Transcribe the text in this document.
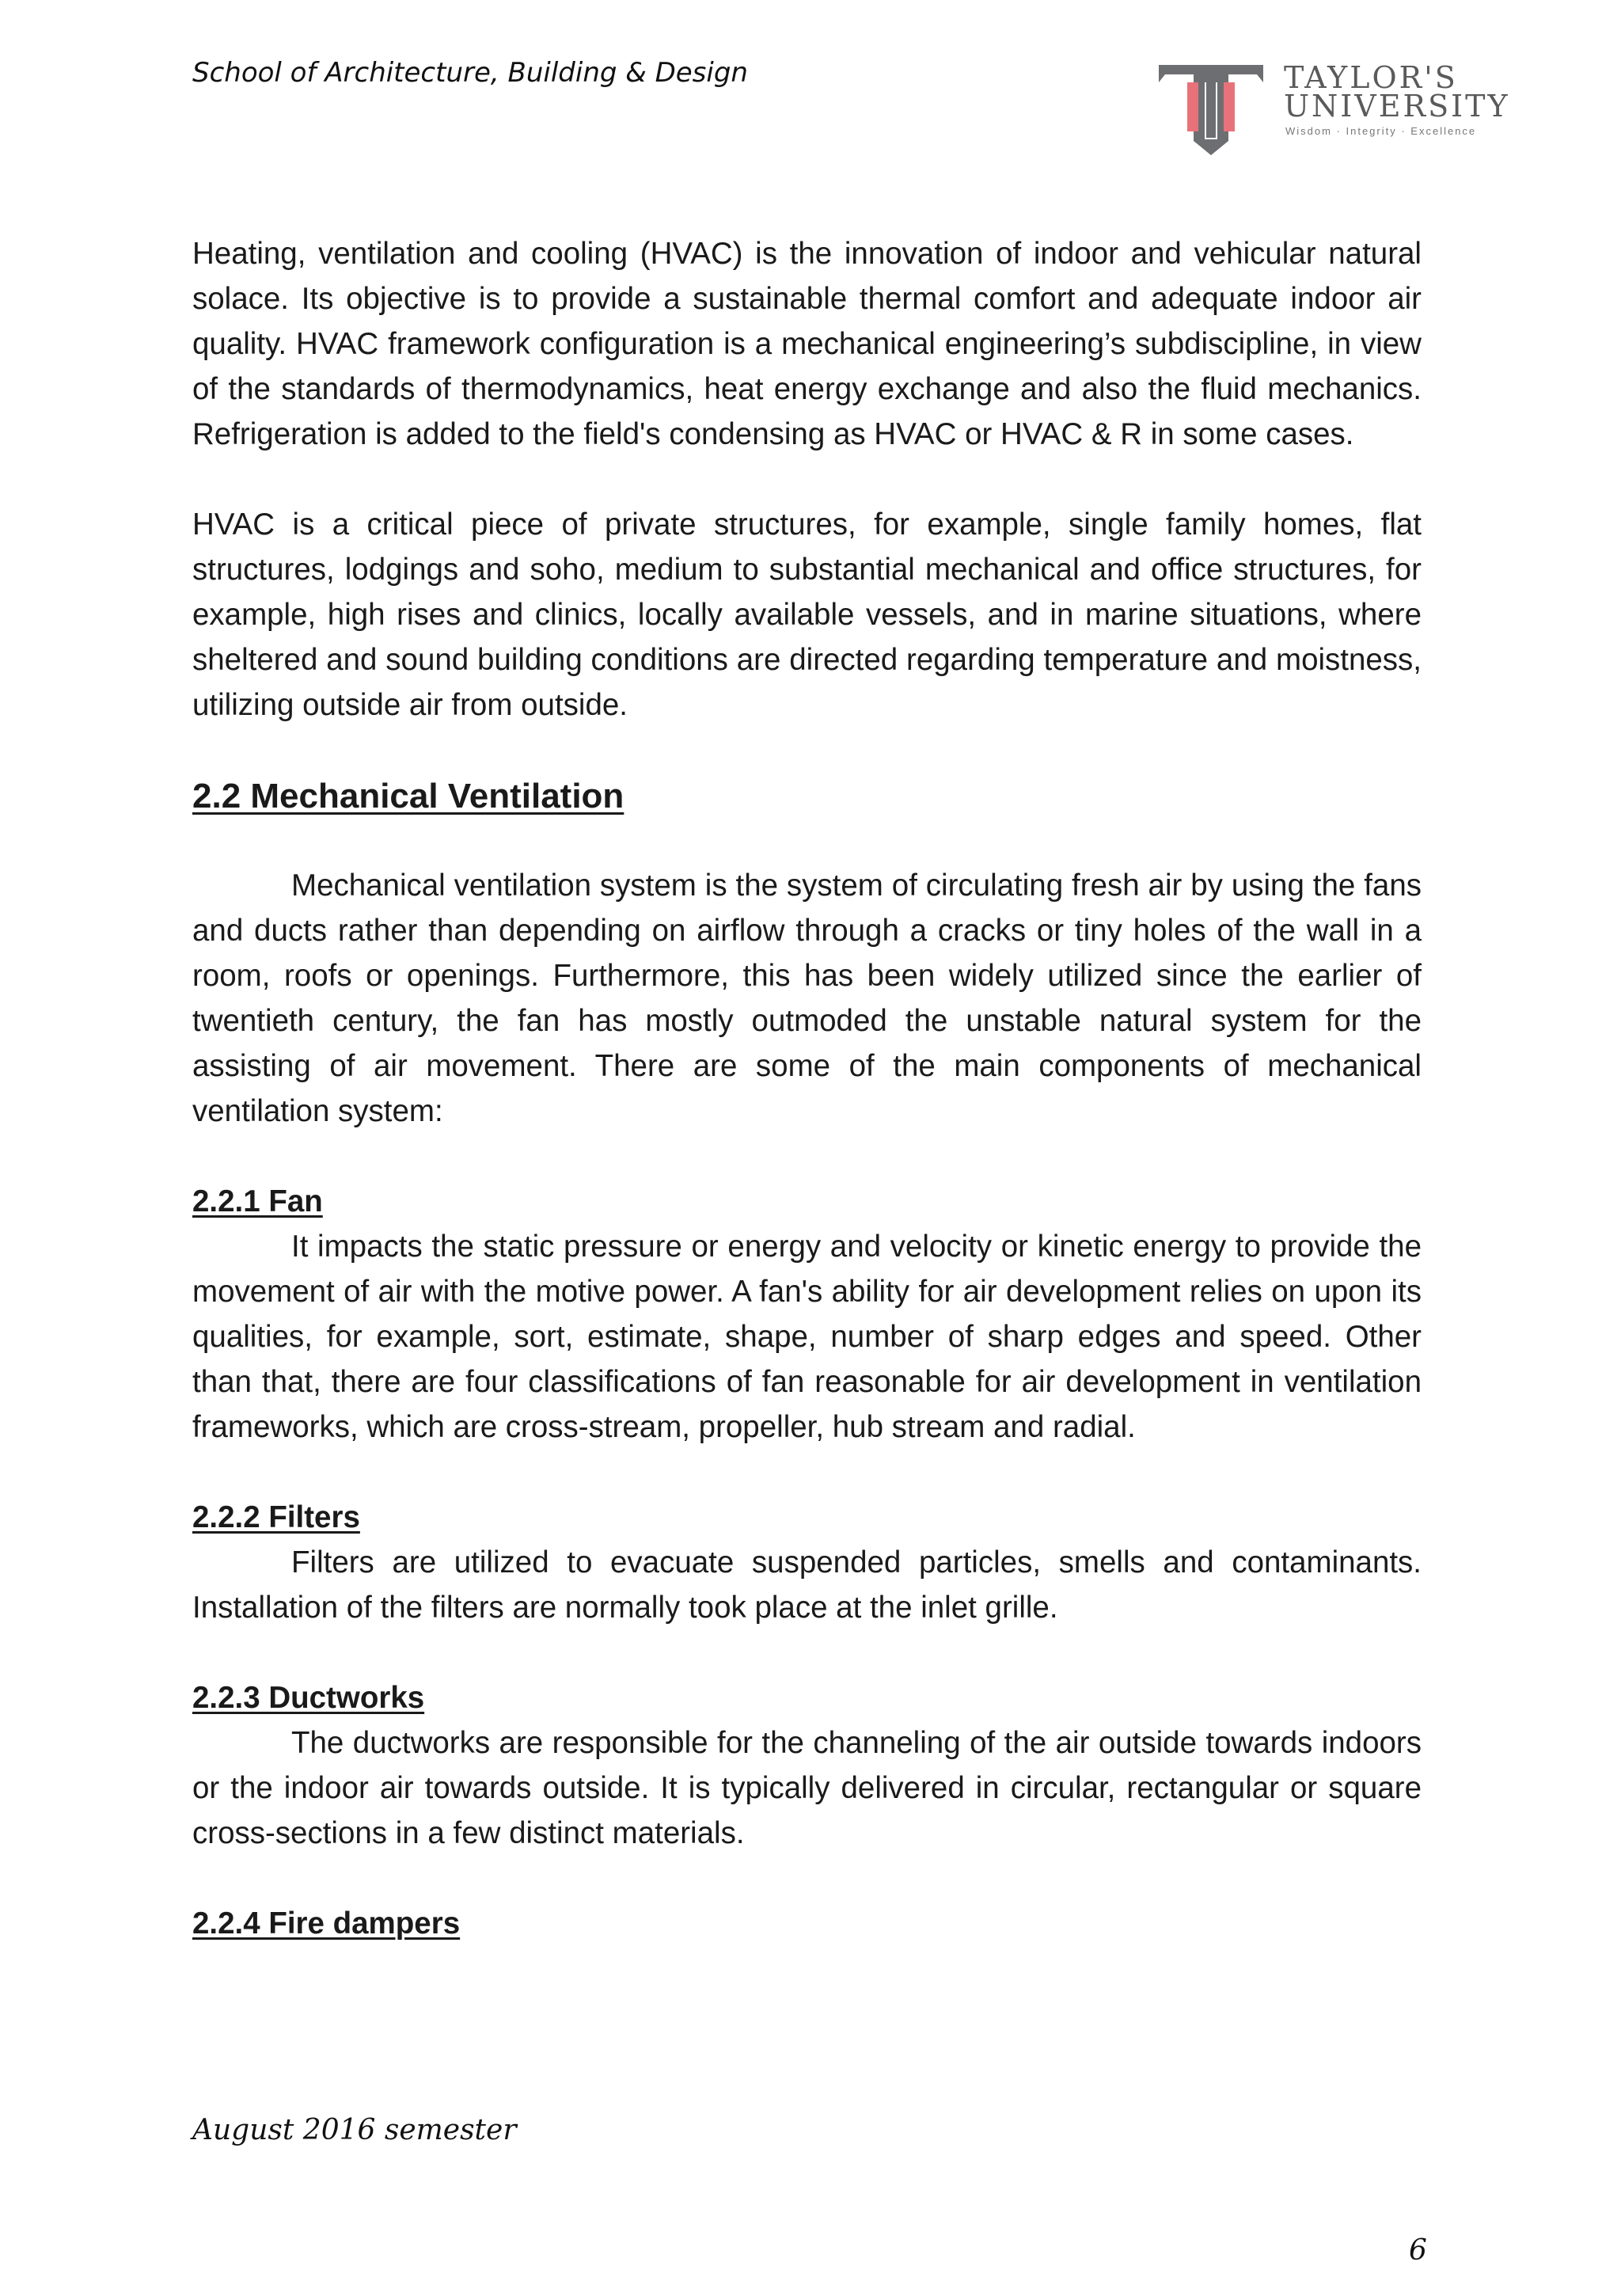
School of Architecture, Building & Design	TAYLOR'S
UNIVERSITY
Wisdom · Integrity · Excellence

Heating, ventilation and cooling (HVAC) is the innovation of indoor and vehicular natural solace. Its objective is to provide a sustainable thermal comfort and adequate indoor air quality. HVAC framework configuration is a mechanical engineering’s subdiscipline, in view of the standards of thermodynamics, heat energy exchange and also the fluid mechanics. Refrigeration is added to the field's condensing as HVAC or HVAC & R in some cases.

HVAC is a critical piece of private structures, for example, single family homes, flat structures, lodgings and soho, medium to substantial mechanical and office structures, for example, high rises and clinics, locally available vessels, and in marine situations, where sheltered and sound building conditions are directed regarding temperature and moistness, utilizing outside air from outside.

2.2 Mechanical Ventilation

Mechanical ventilation system is the system of circulating fresh air by using the fans and ducts rather than depending on airflow through a cracks or tiny holes of the wall in a room, roofs or openings. Furthermore, this has been widely utilized since the earlier of twentieth century, the fan has mostly outmoded the unstable natural system for the assisting of air movement. There are some of the main components of mechanical ventilation system:

2.2.1 Fan

It impacts the static pressure or energy and velocity or kinetic energy to provide the movement of air with the motive power. A fan's ability for air development relies on upon its qualities, for example, sort, estimate, shape, number of sharp edges and speed. Other than that, there are four classifications of fan reasonable for air development in ventilation frameworks, which are cross-stream, propeller, hub stream and radial.

2.2.2 Filters

Filters are utilized to evacuate suspended particles, smells and contaminants. Installation of the filters are normally took place at the inlet grille.

2.2.3 Ductworks

The ductworks are responsible for the channeling of the air outside towards indoors or the indoor air towards outside. It is typically delivered in circular, rectangular or square cross-sections in a few distinct materials.

2.2.4 Fire dampers
August 2016 semester
6
